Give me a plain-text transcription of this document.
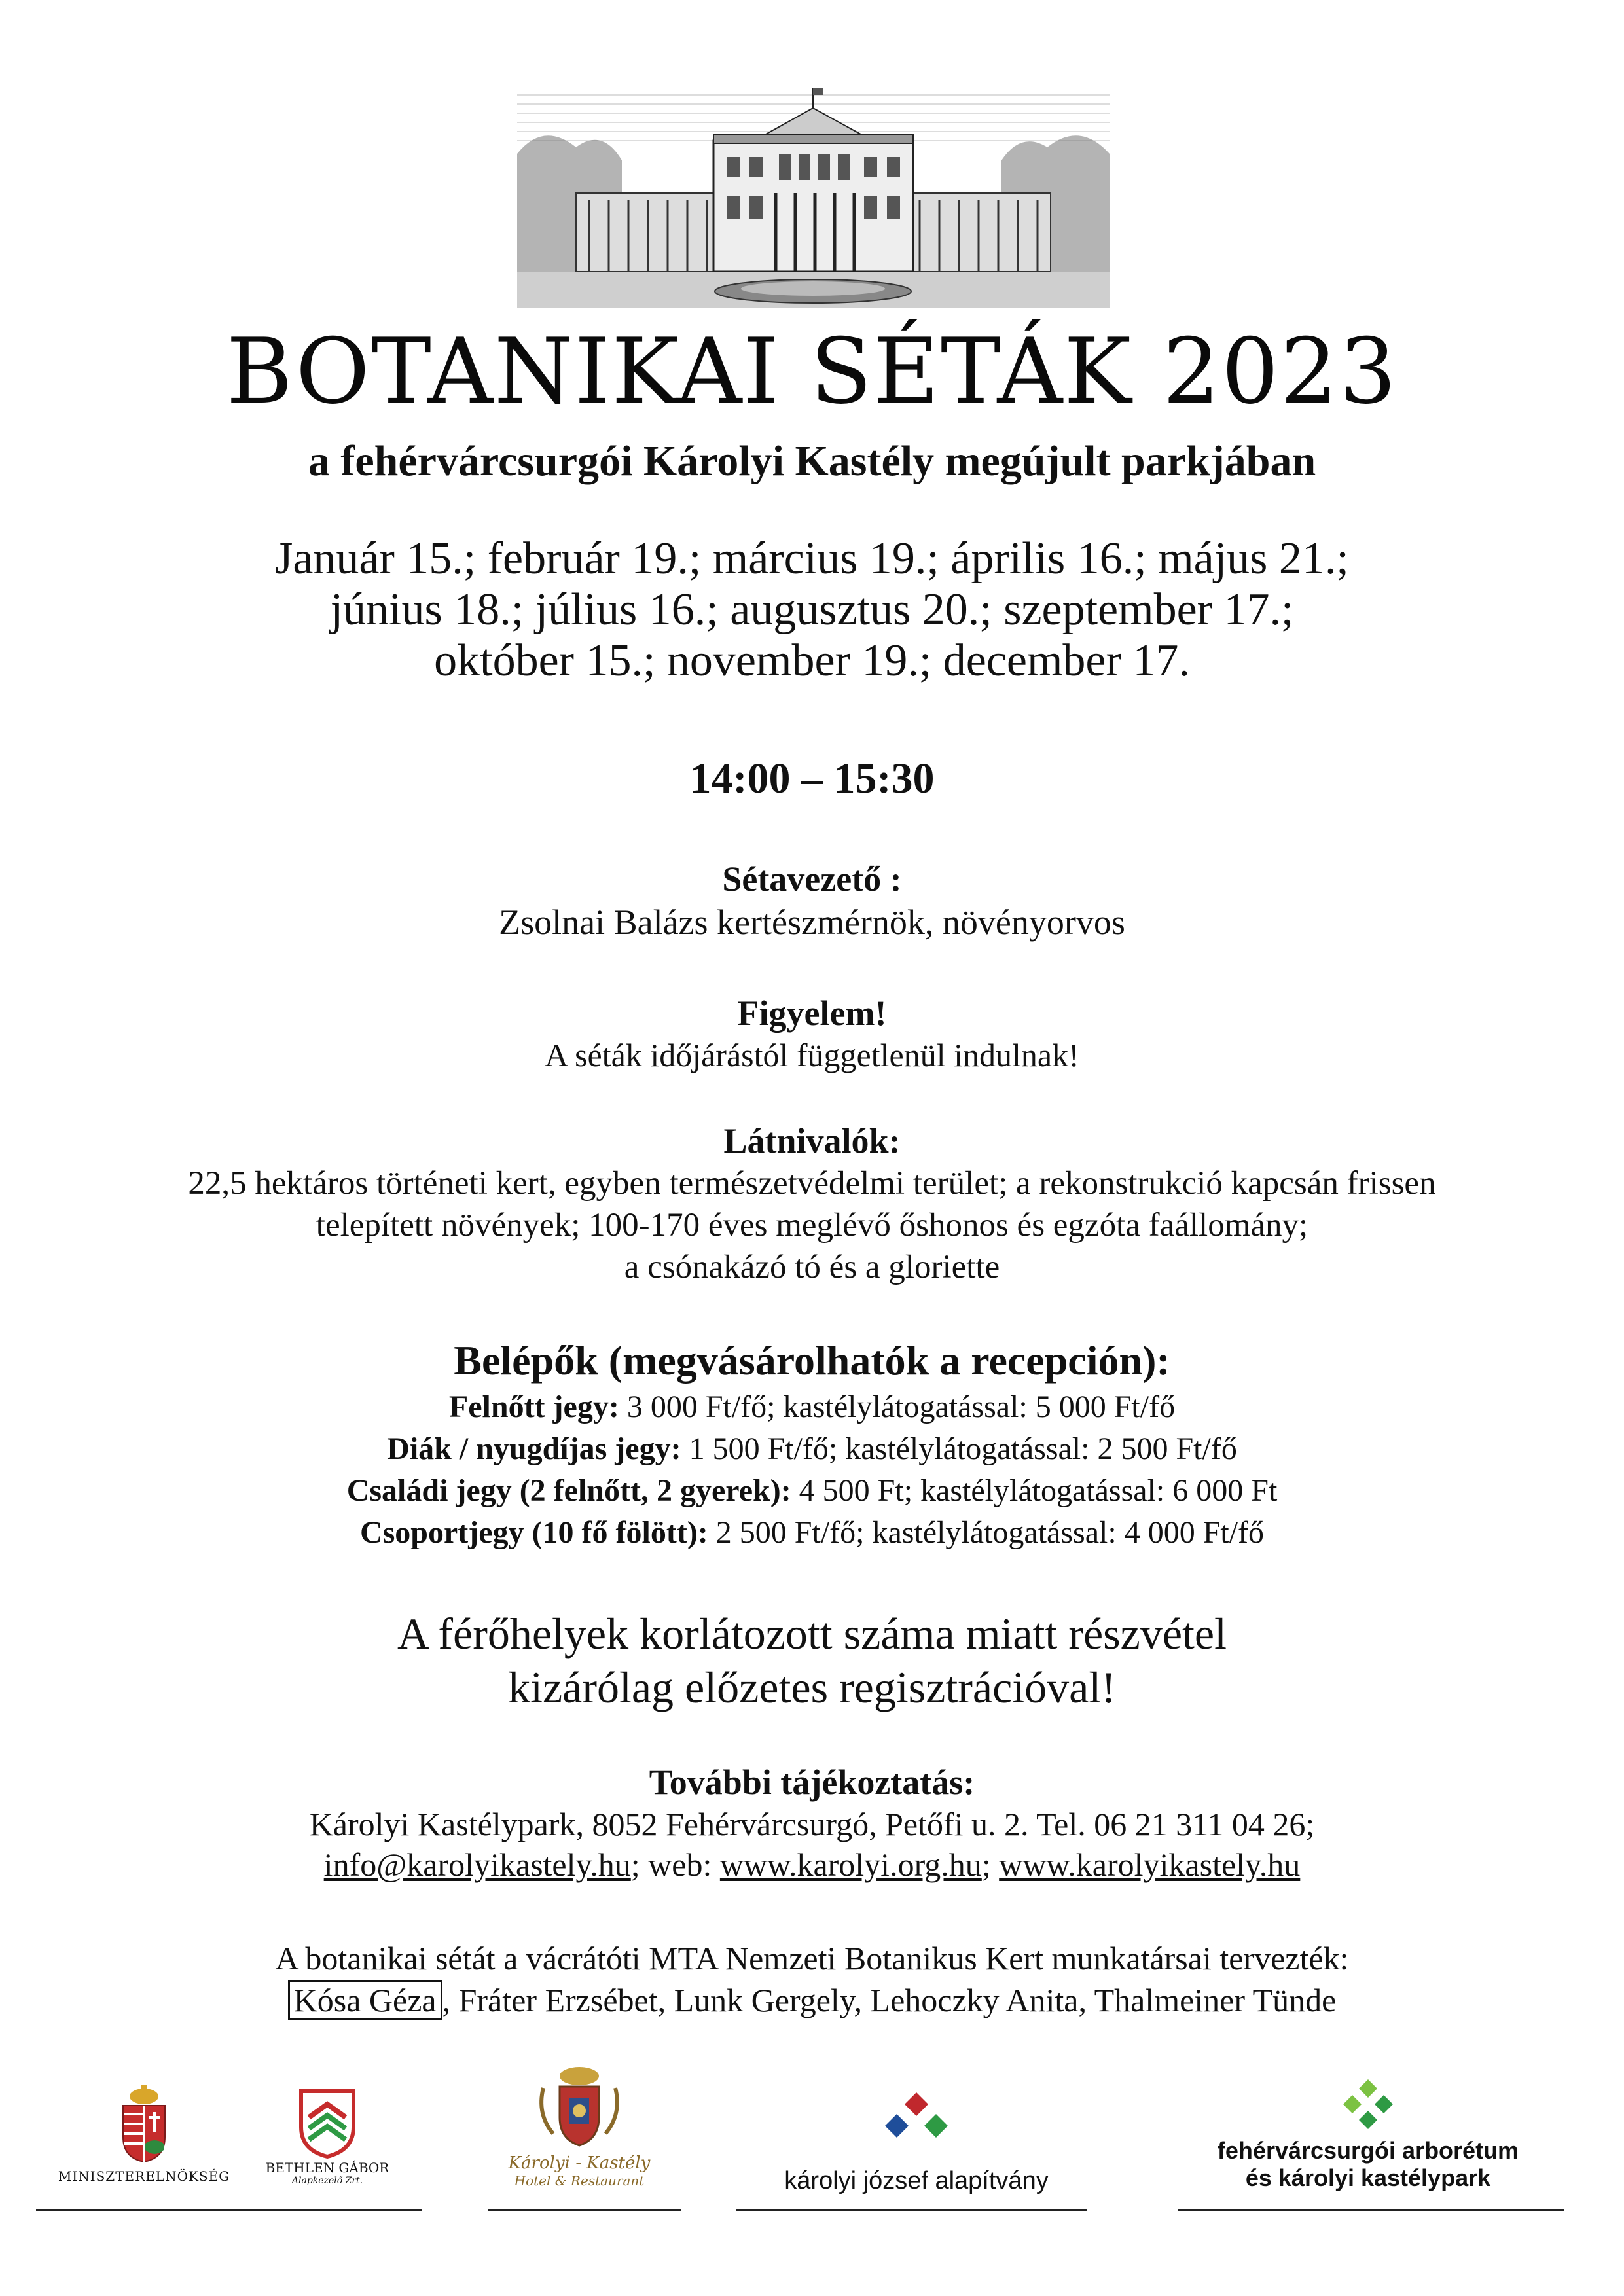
BOTANIKAI SÉTÁK 2023
a fehérvárcsurgói Károlyi Kastély megújult parkjában
Január 15.; február 19.; március 19.; április 16.; május 21.;
június 18.; július 16.; augusztus 20.; szeptember 17.;
október 15.; november 19.; december 17.
14:00 – 15:30
Sétavezető :
Zsolnai Balázs kertészmérnök, növényorvos
Figyelem!
A séták időjárástól függetlenül indulnak!
Látnivalók:
22,5 hektáros történeti kert, egyben természetvédelmi terület; a rekonstrukció kapcsán frissen
telepített növények; 100-170 éves meglévő őshonos és egzóta faállomány;
a csónakázó tó és a gloriette
Belépők (megvásárolhatók a recepción):
Felnőtt jegy: 3 000 Ft/fő; kastélylátogatással: 5 000 Ft/fő
Diák / nyugdíjas jegy: 1 500 Ft/fő; kastélylátogatással: 2 500 Ft/fő
Családi jegy (2 felnőtt, 2 gyerek): 4 500 Ft; kastélylátogatással: 6 000 Ft
Csoportjegy (10 fő fölött): 2 500 Ft/fő; kastélylátogatással: 4 000 Ft/fő
A férőhelyek korlátozott száma miatt részvétel
kizárólag előzetes regisztrációval!
További tájékoztatás:
Károlyi Kastélypark, 8052 Fehérvárcsurgó, Petőfi u. 2. Tel. 06 21 311 04 26;
info@karolyikastely.hu; web: www.karolyi.org.hu; www.karolyikastely.hu
A botanikai sétát a vácrátóti MTA Nemzeti Botanikus Kert munkatársai tervezték:
Kósa Géza , Fráter Erzsébet, Lunk Gergely, Lehoczky Anita, Thalmeiner Tünde
MINISZTERELNÖKSÉG
BETHLEN GÁBOR
Alapkezelő Zrt.
Károlyi - Kastély
Hotel & Restaurant	károlyi józsef alapítvány
fehérvárcsurgói arborétum
és károlyi kastélypark
